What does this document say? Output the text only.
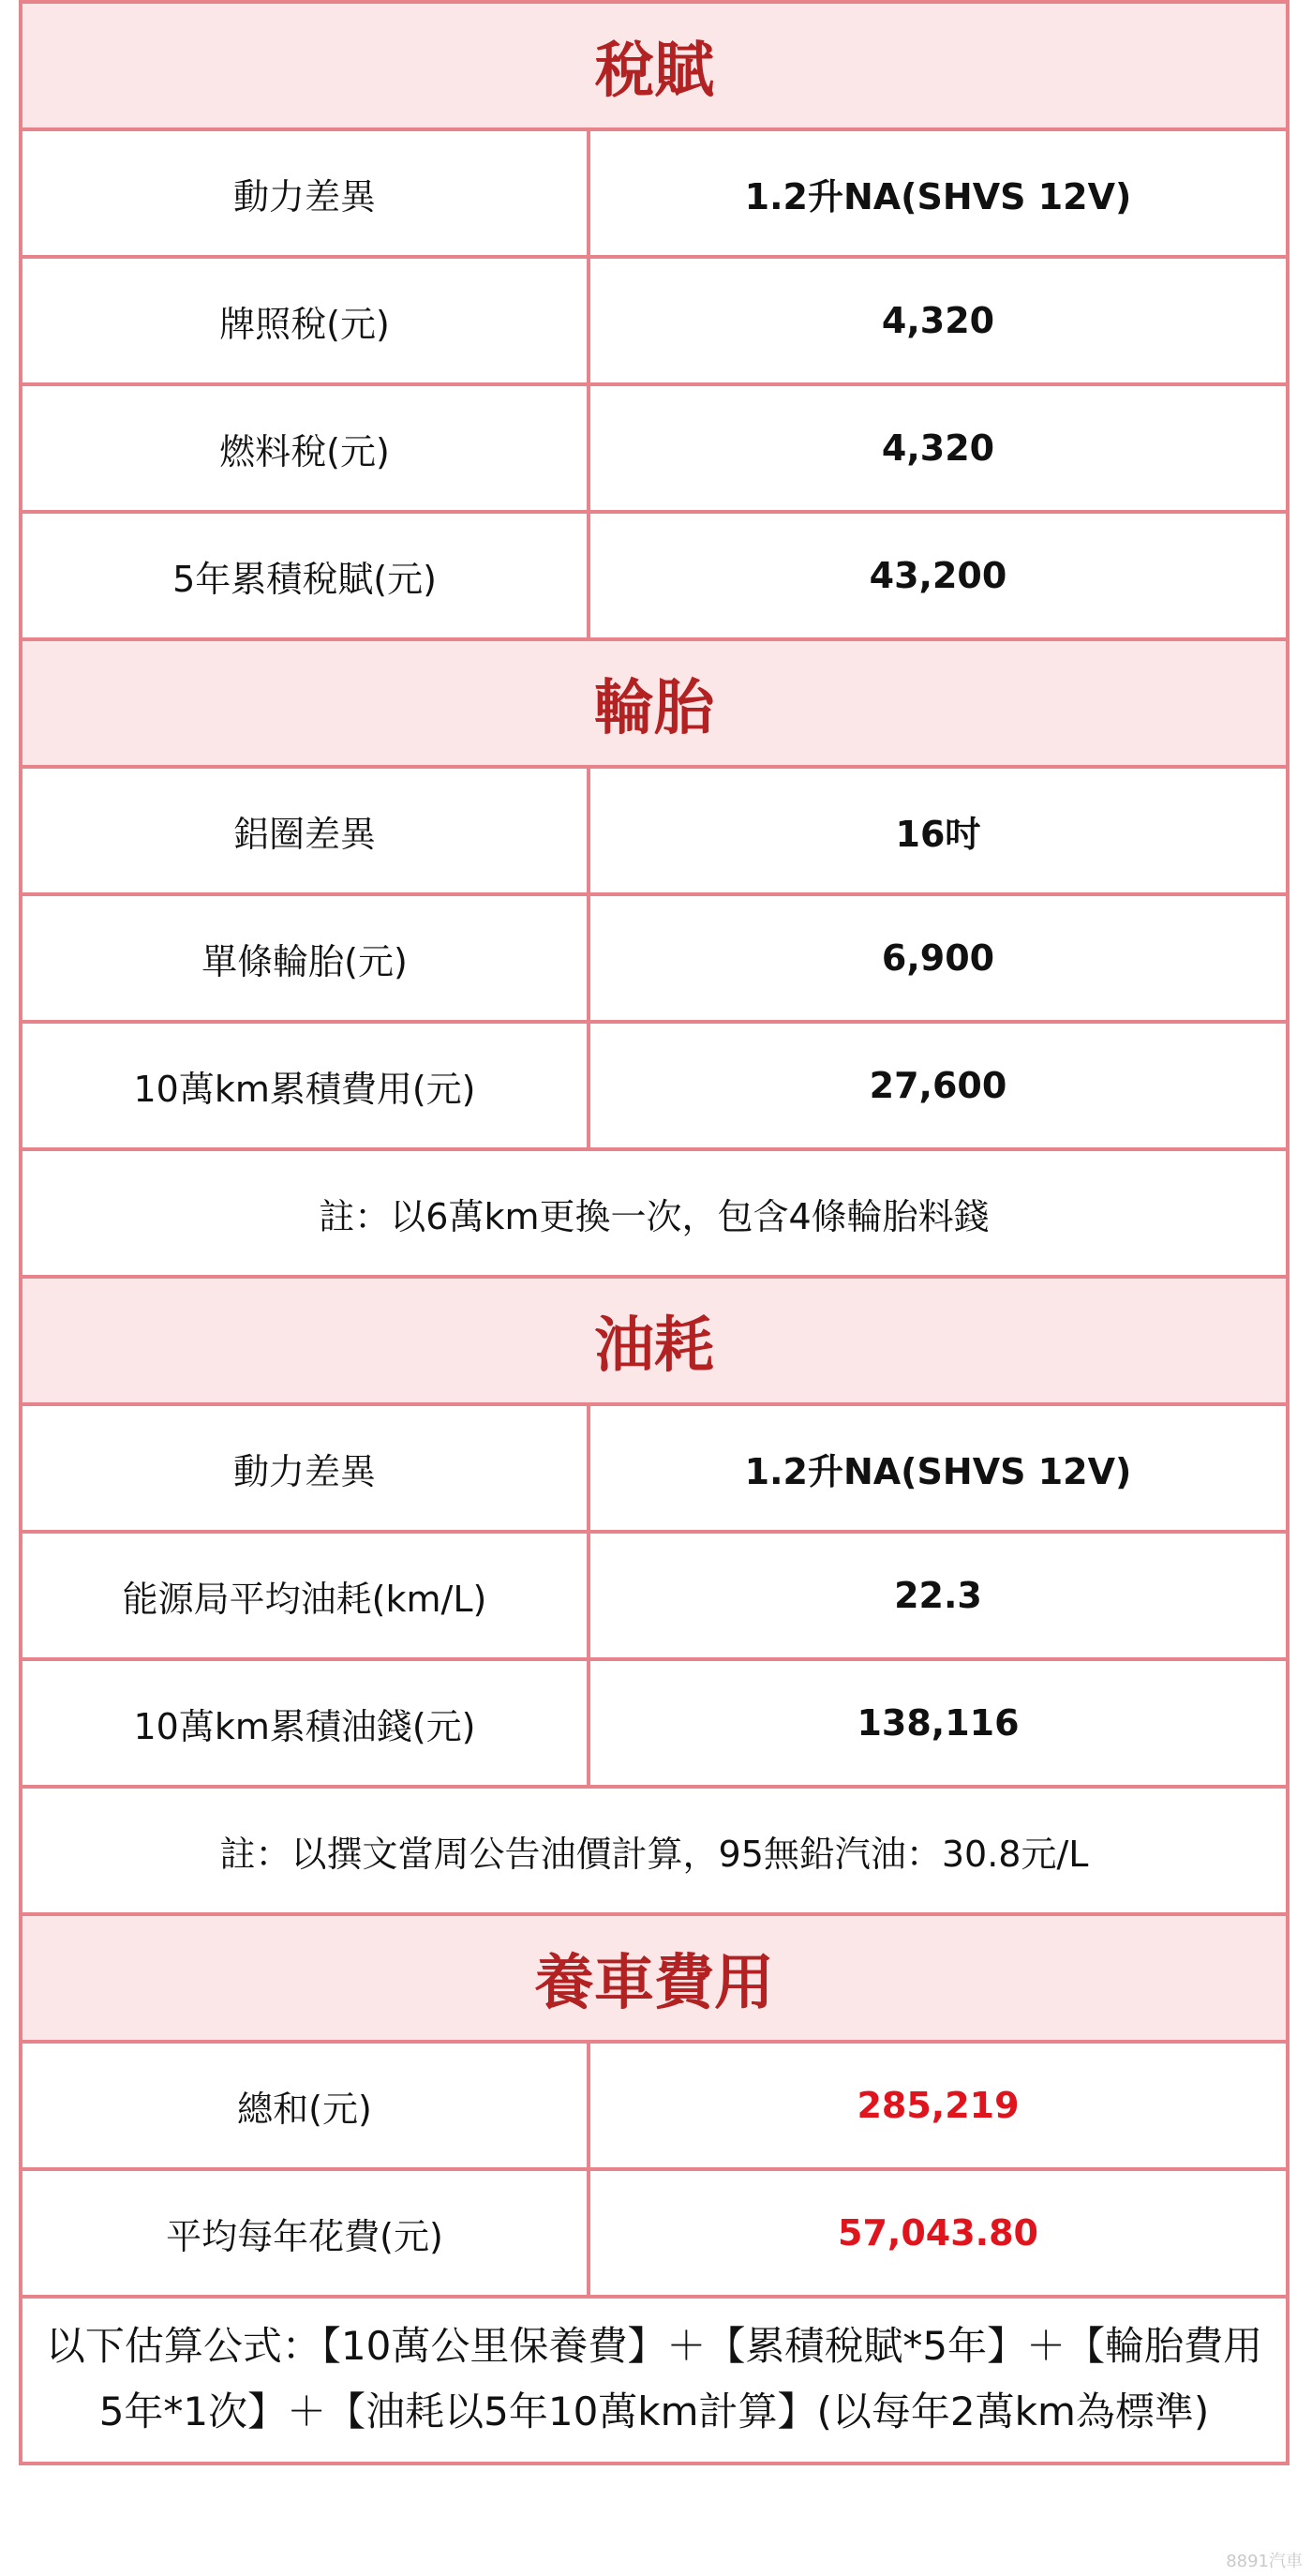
稅賦	
動力差異	1.2升NA(SHVS 12V)
牌照稅(元)	4,320
燃料稅(元)	4,320
5年累積稅賦(元)	43,200
輪胎	
鋁圈差異	16吋
單條輪胎(元)	6,900
10萬km累積費用(元)	27,600
註：以6萬km更換一次，包含4條輪胎料錢	
油耗	
動力差異	1.2升NA(SHVS 12V)
能源局平均油耗(km/L)	22.3
10萬km累積油錢(元)	138,116
註：以撰文當周公告油價計算，95無鉛汽油：30.8元/L	
養車費用	
總和(元)	285,219
平均每年花費(元)	57,043.80
以下估算公式：【10萬公里保養費】＋【累積稅賦*5年】＋【輪胎費用5年*1次】＋【油耗以5年10萬km計算】(以每年2萬km為標準)	
8891汽車
